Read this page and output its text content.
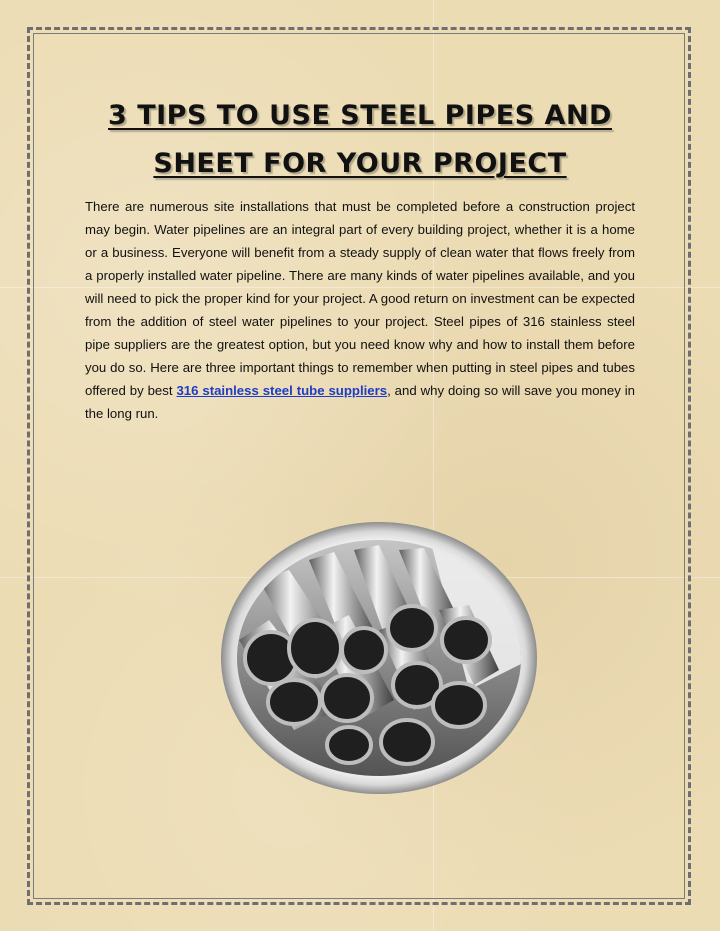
3 TIPS TO USE STEEL PIPES AND
SHEET FOR YOUR PROJECT

There are numerous site installations that must be completed before a construction project may begin. Water pipelines are an integral part of every building project, whether it is a home or a business. Everyone will benefit from a steady supply of clean water that flows freely from a properly installed water pipeline. There are many kinds of water pipelines available, and you will need to pick the proper kind for your project. A good return on investment can be expected from the addition of steel water pipelines to your project. Steel pipes of 316 stainless steel pipe suppliers are the greatest option, but you need know why and how to install them before you do so. Here are three important things to remember when putting in steel pipes and tubes offered by best 316 stainless steel tube suppliers, and why doing so will save you money in the long run.
